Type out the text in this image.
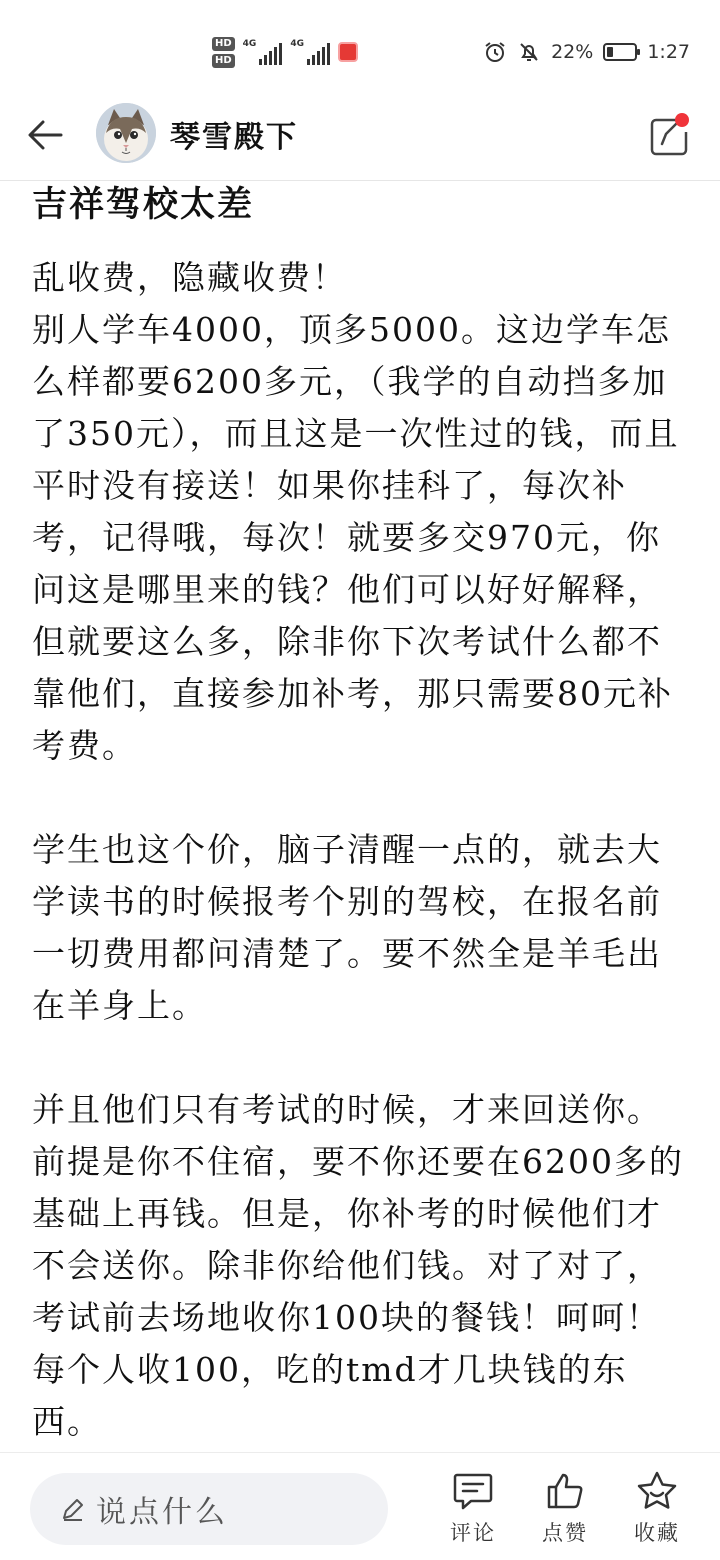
HD
HD
4G	4G	22%	1:27
琴雪殿下
吉祥驾校太差

乱收费，隐藏收费！
别人学车4000，顶多5000。这边学车怎么样都要6200多元，（我学的自动挡多加了350元），而且这是一次性过的钱，而且平时没有接送！如果你挂科了，每次补考，记得哦，每次！就要多交970元，你问这是哪里来的钱？他们可以好好解释，但就要这么多，除非你下次考试什么都不靠他们，直接参加补考，那只需要80元补考费。

学生也这个价，脑子清醒一点的，就去大学读书的时候报考个别的驾校，在报名前一切费用都问清楚了。要不然全是羊毛出在羊身上。

并且他们只有考试的时候，才来回送你。前提是你不住宿，要不你还要在6200多的基础上再钱。但是，你补考的时候他们才不会送你。除非你给他们钱。对了对了，考试前去场地收你100块的餐钱！呵呵！每个人收100，吃的tmd才几块钱的东西。

说点什么
评论 点赞 收藏
